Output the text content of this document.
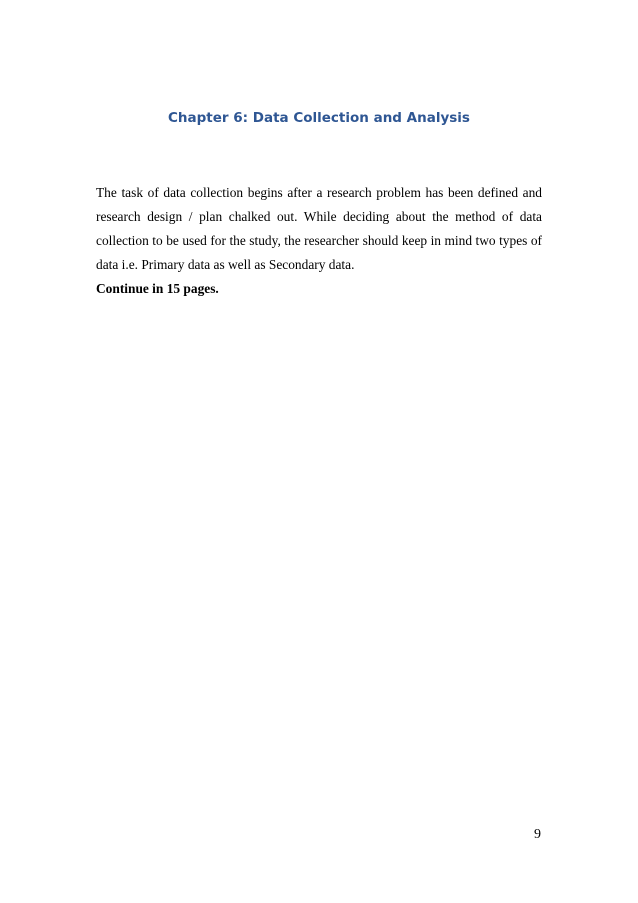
Chapter 6: Data Collection and Analysis

The task of data collection begins after a research problem has been defined and research design / plan chalked out. While deciding about the method of data collection to be used for the study, the researcher should keep in mind two types of data i.e. Primary data as well as Secondary data.

Continue in 15 pages.
9
